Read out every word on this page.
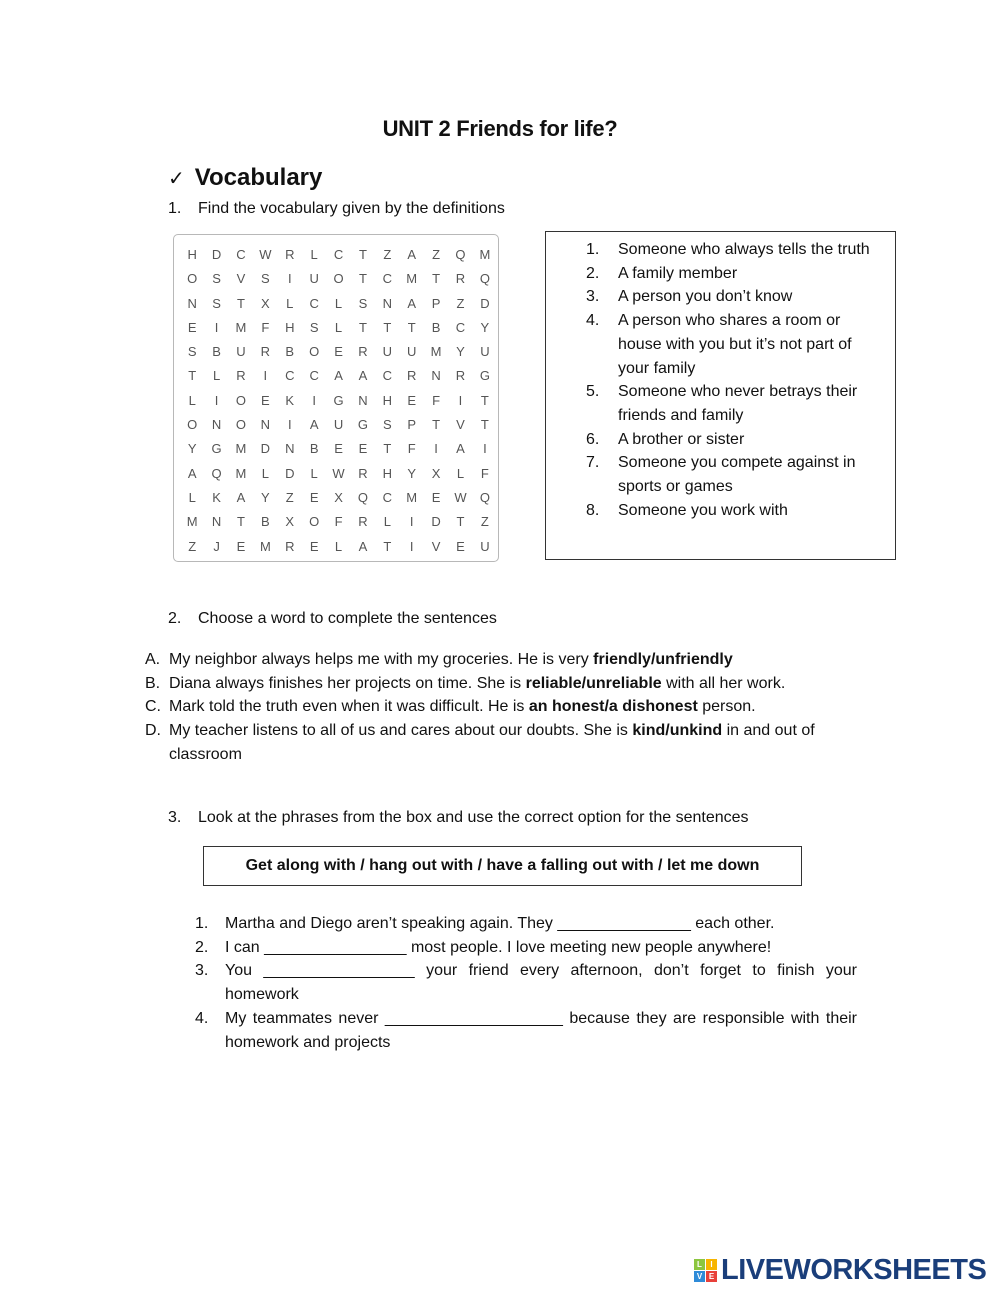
UNIT 2 Friends for life?
✓ Vocabulary
1. Find the vocabulary given by the definitions
H	D	C	W	R	L	C	T	Z	A	Z	Q	M
O	S	V	S	I	U	O	T	C	M	T	R	Q
N	S	T	X	L	C	L	S	N	A	P	Z	D
E	I	M	F	H	S	L	T	T	T	B	C	Y
S	B	U	R	B	O	E	R	U	U	M	Y	U
T	L	R	I	C	C	A	A	C	R	N	R	G
L	I	O	E	K	I	G	N	H	E	F	I	T
O	N	O	N	I	A	U	G	S	P	T	V	T
Y	G	M	D	N	B	E	E	T	F	I	A	I
A	Q	M	L	D	L	W	R	H	Y	X	L	F
L	K	A	Y	Z	E	X	Q	C	M	E	W	Q
M	N	T	B	X	O	F	R	L	I	D	T	Z
Z	J	E	M	R	E	L	A	T	I	V	E	U
1.	Someone who always tells the truth
2.	A family member
3.	A person you don’t know
4.	A person who shares a room or house with you but it’s not part of your family
5.	Someone who never betrays their friends and family
6.	A brother or sister
7.	Someone you compete against in sports or games
8.	Someone you work with
2. Choose a word to complete the sentences
A. My neighbor always helps me with my groceries. He is very friendly/unfriendly
B. Diana always finishes her projects on time. She is reliable/unreliable with all her work.
C. Mark told the truth even when it was difficult. He is an honest/a dishonest person.
D. My teacher listens to all of us and cares about our doubts. She is kind/unkind in and out of classroom
3. Look at the phrases from the box and use the correct option for the sentences
Get along with / hang out with / have a falling out with / let me down
1.	Martha and Diego aren’t speaking again. They _______________ each other.
2.	I can ________________ most people. I love meeting new people anywhere!
3.	You _________________ your friend every afternoon, don’t forget to finish your homework
4.	My teammates never ____________________ because they are responsible with their homework and projects
L	I
V E LIVEWORKSHEETS
